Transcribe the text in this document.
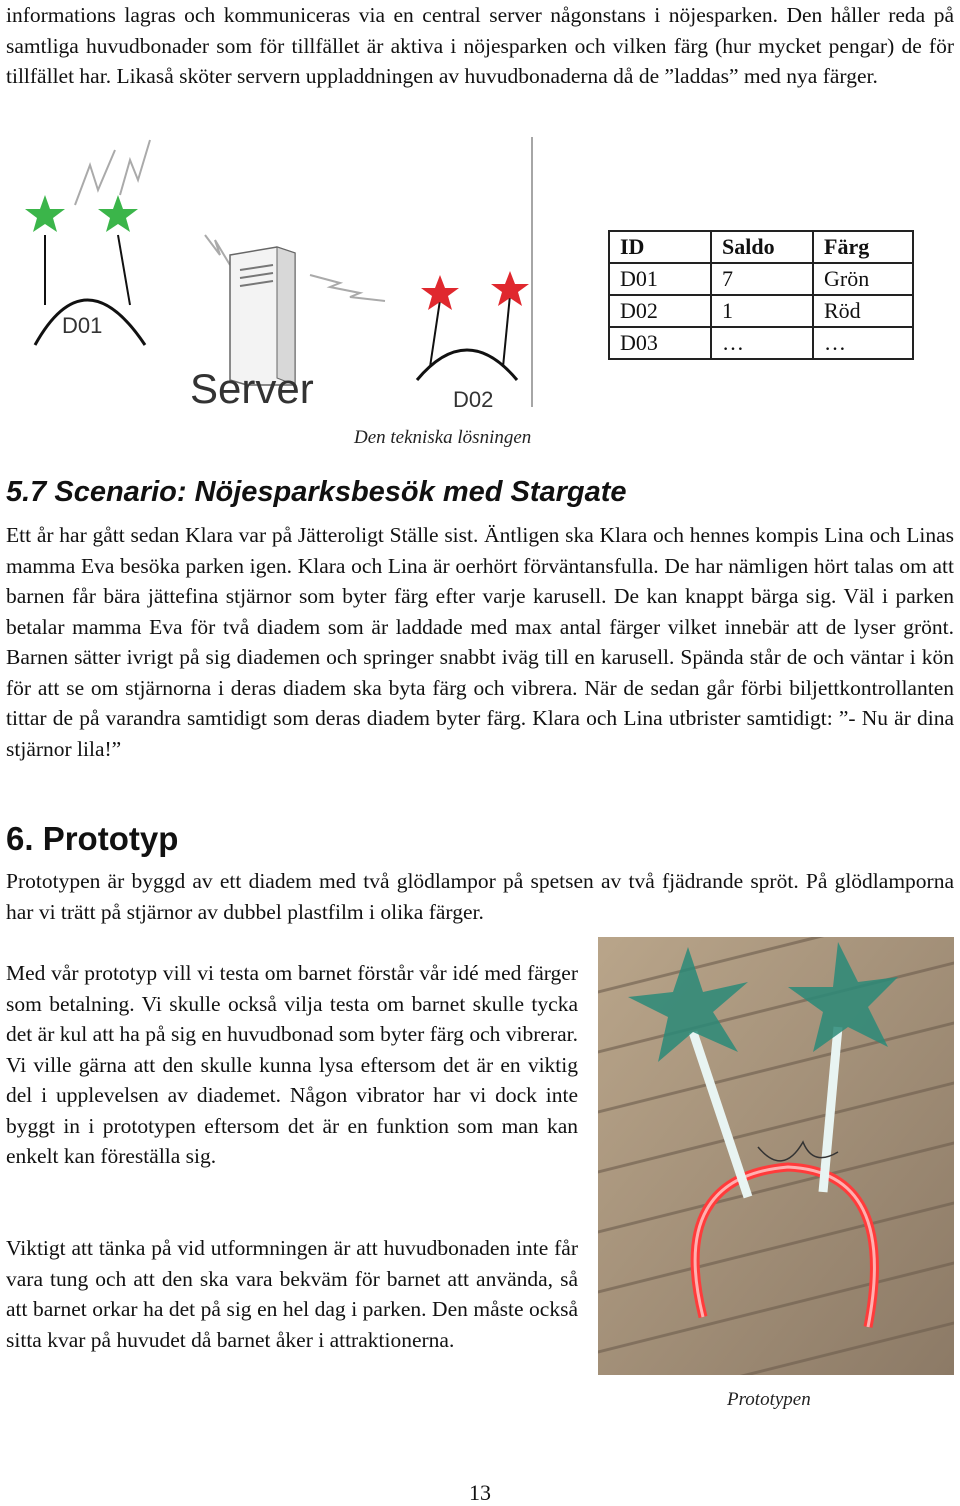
informations lagras och kommuniceras via en central server någonstans i nöjesparken. Den håller reda på samtliga huvudbonader som för tillfället är aktiva i nöjesparken och vilken färg (hur mycket pengar) de för tillfället har. Likaså sköter servern uppladdningen av huvudbonaderna då de ”laddas” med nya färger.

Server	D02
D01
ID	Saldo	Färg
D01	7	Grön
D02	1	Röd
D03	…	…

Den tekniska lösningen

5.7 Scenario: Nöjesparksbesök med Stargate

Ett år har gått sedan Klara var på Jätteroligt Ställe sist. Äntligen ska Klara och hennes kompis Lina och Linas mamma Eva besöka parken igen. Klara och Lina är oerhört förväntansfulla. De har nämligen hört talas om att barnen får bära jättefina stjärnor som byter färg efter varje karusell. De kan knappt bärga sig. Väl i parken betalar mamma Eva för två diadem som är laddade med max antal färger vilket innebär att de lyser grönt. Barnen sätter ivrigt på sig diademen och springer snabbt iväg till en karusell. Spända står de och väntar i kön för att se om stjärnorna i deras diadem ska byta färg och vibrera. När de sedan går förbi biljettkontrollanten tittar de på varandra samtidigt som deras diadem byter färg. Klara och Lina utbrister samtidigt: ”- Nu är dina stjärnor lila!”

6. Prototyp

Prototypen är byggd av ett diadem med två glödlampor på spetsen av två fjädrande spröt. På glödlamporna har vi trätt på stjärnor av dubbel plastfilm i olika färger.

Med vår prototyp vill vi testa om barnet förstår vår idé med färger som betalning. Vi skulle också vilja testa om barnet skulle tycka det är kul att ha på sig en huvudbonad som byter färg och vibrerar. Vi ville gärna att den skulle kunna lysa eftersom det är en viktig del i upplevelsen av diademet. Någon vibrator har vi dock inte byggt in i prototypen eftersom det är en funktion som man kan enkelt kan föreställa sig.

Viktigt att tänka på vid utformningen är att huvudbonaden inte får vara tung och att den ska vara bekväm för barnet att använda, så att barnet orkar ha det på sig en hel dag i parken. Den måste också sitta kvar på huvudet då barnet åker i attraktionerna.

Prototypen

13
